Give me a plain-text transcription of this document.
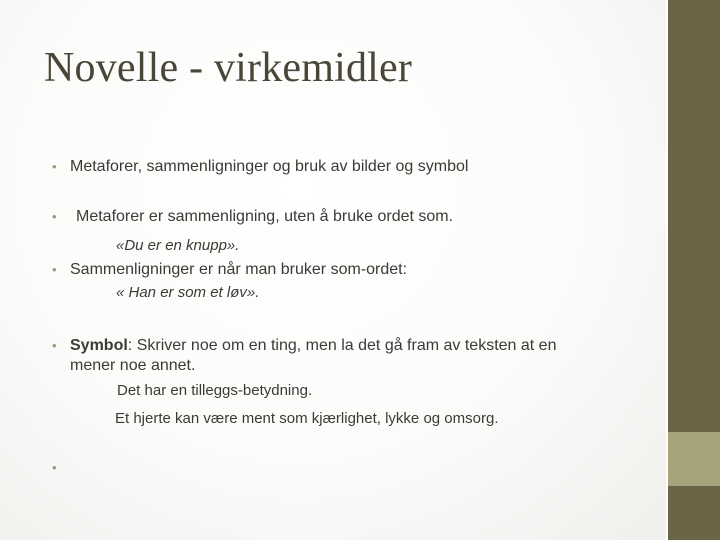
Novelle - virkemidler
• Metaforer, sammenligninger og bruk av bilder og symbol
• Metaforer er sammenligning, uten å bruke ordet som.
«Du er en knupp».
• Sammenligninger er når man bruker som-ordet:
« Han er som et løv».
• Symbol: Skriver noe om en ting, men la det gå fram av teksten at en
mener noe annet.
Det har en tilleggs-betydning.
Et hjerte kan være ment som kjærlighet, lykke og omsorg.
•
